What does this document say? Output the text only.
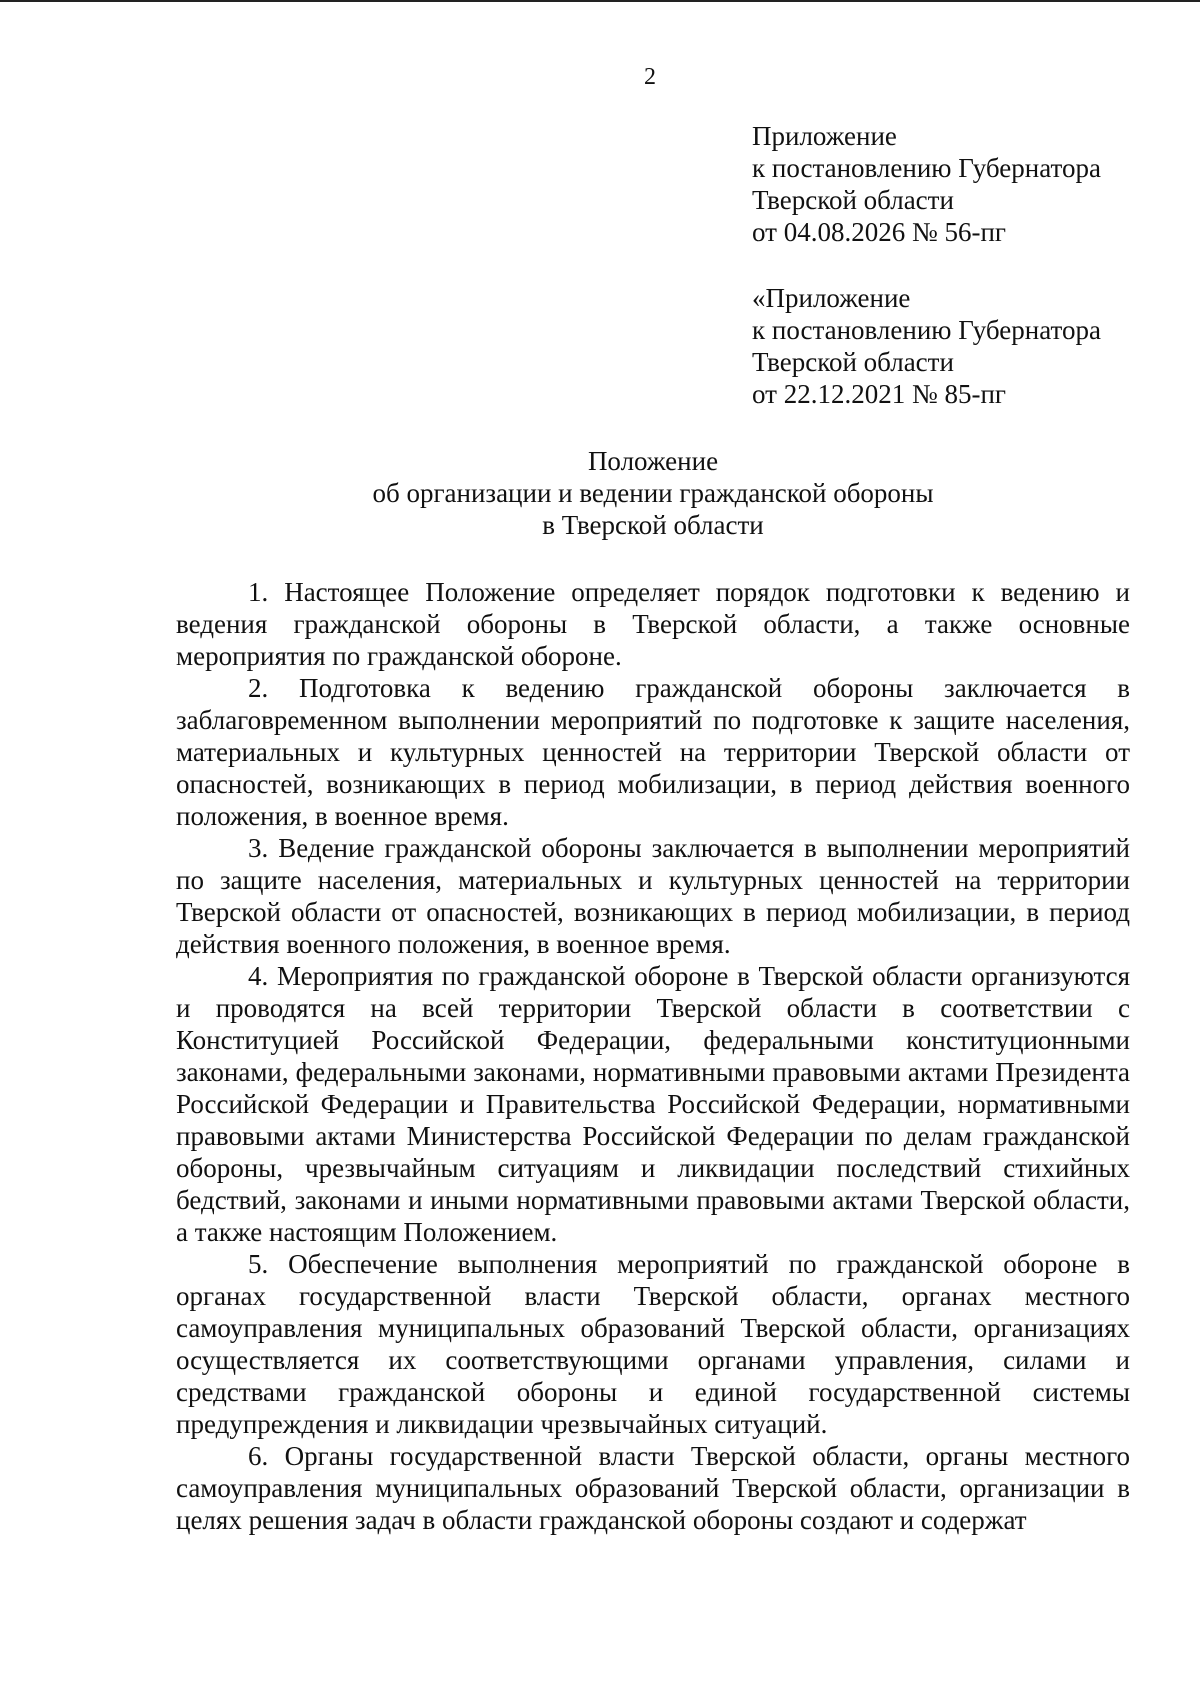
2
Приложение
к постановлению Губернатора
Тверской области
от 04.08.2026 № 56-пг
«Приложение
к постановлению Губернатора
Тверской области
от 22.12.2021 № 85-пг
Положение
об организации и ведении гражданской обороны
в Тверской области

1. Настоящее Положение определяет порядок подготовки к ведению и ведения гражданской обороны в Тверской области, а также основные мероприятия по гражданской обороне.

2. Подготовка к ведению гражданской обороны заключается в заблаговременном выполнении мероприятий по подготовке к защите населения, материальных и культурных ценностей на территории Тверской области от опасностей, возникающих в период мобилизации, в период действия военного положения, в военное время.

3. Ведение гражданской обороны заключается в выполнении мероприятий по защите населения, материальных и культурных ценностей на территории Тверской области от опасностей, возникающих в период мобилизации, в период действия военного положения, в военное время.

4. Мероприятия по гражданской обороне в Тверской области организуются и проводятся на всей территории Тверской области в соответствии с Конституцией Российской Федерации, федеральными конституционными законами, федеральными законами, нормативными правовыми актами Президента Российской Федерации и Правительства Российской Федерации, нормативными правовыми актами Министерства Российской Федерации по делам гражданской обороны, чрезвычайным ситуациям и ликвидации последствий стихийных бедствий, законами и иными нормативными правовыми актами Тверской области, а также настоящим Положением.

5. Обеспечение выполнения мероприятий по гражданской обороне в органах государственной власти Тверской области, органах местного самоуправления муниципальных образований Тверской области, организациях осуществляется их соответствующими органами управления, силами и средствами гражданской обороны и единой государственной системы предупреждения и ликвидации чрезвычайных ситуаций.

6. Органы государственной власти Тверской области, органы местного самоуправления муниципальных образований Тверской области, организации в целях решения задач в области гражданской обороны создают и содержат
